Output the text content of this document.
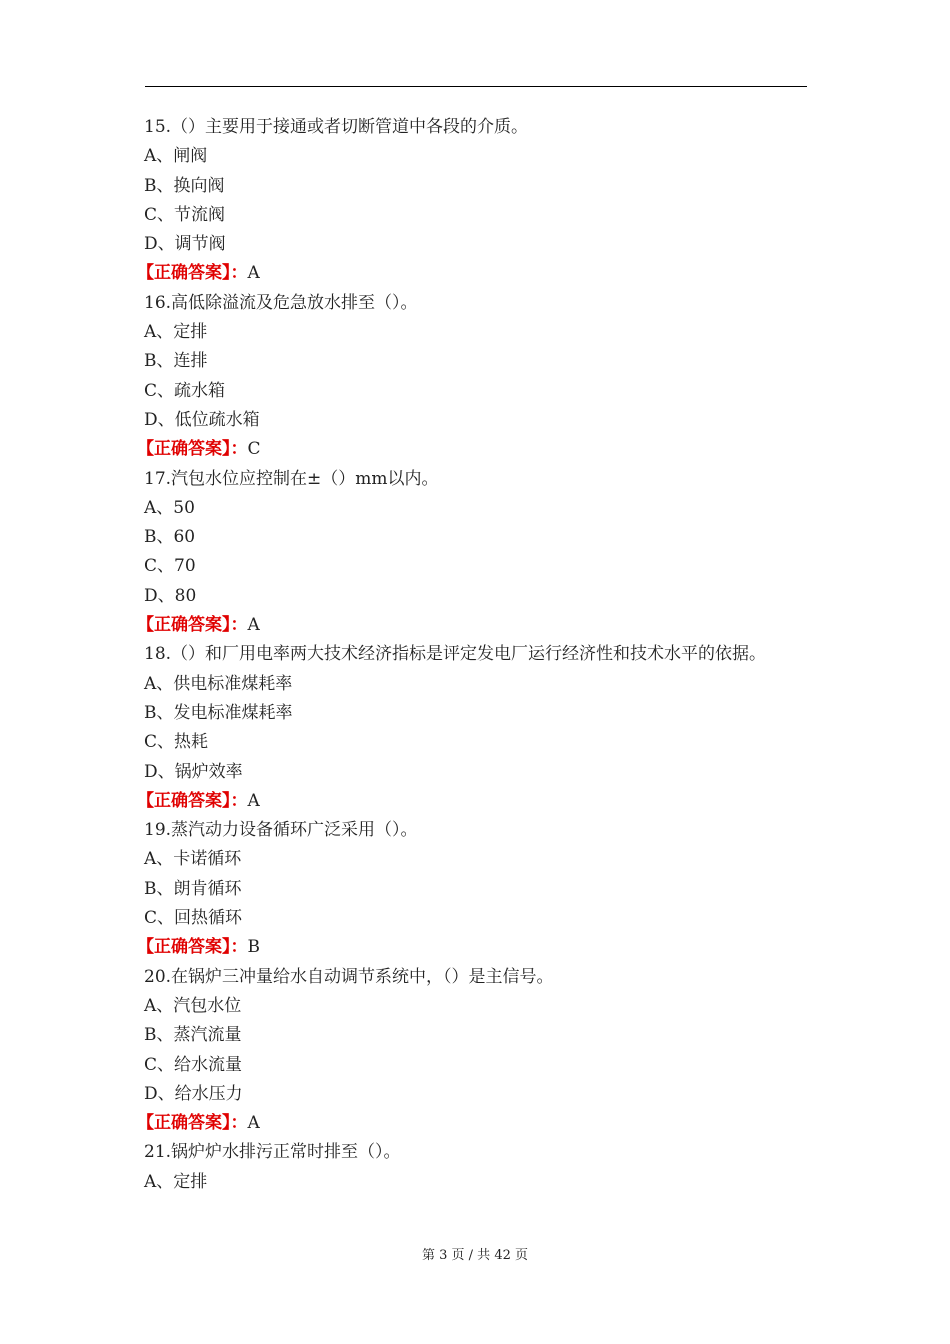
15.（）主要用于接通或者切断管道中各段的介质。
A、闸阀
B、换向阀
C、节流阀
D、调节阀
【正确答案】：A
16.高低除溢流及危急放水排至（）。
A、定排
B、连排
C、疏水箱
D、低位疏水箱
【正确答案】：C
17.汽包水位应控制在±（）mm以内。
A、50
B、60
C、70
D、80
【正确答案】：A
18.（）和厂用电率两大技术经济指标是评定发电厂运行经济性和技术水平的依据。
A、供电标准煤耗率
B、发电标准煤耗率
C、热耗
D、锅炉效率
【正确答案】：A
19.蒸汽动力设备循环广泛采用（）。
A、卡诺循环
B、朗肯循环
C、回热循环
【正确答案】：B
20.在锅炉三冲量给水自动调节系统中，（）是主信号。
A、汽包水位
B、蒸汽流量
C、给水流量
D、给水压力
【正确答案】：A
21.锅炉炉水排污正常时排至（）。
A、定排
第 3 页 / 共 42 页
